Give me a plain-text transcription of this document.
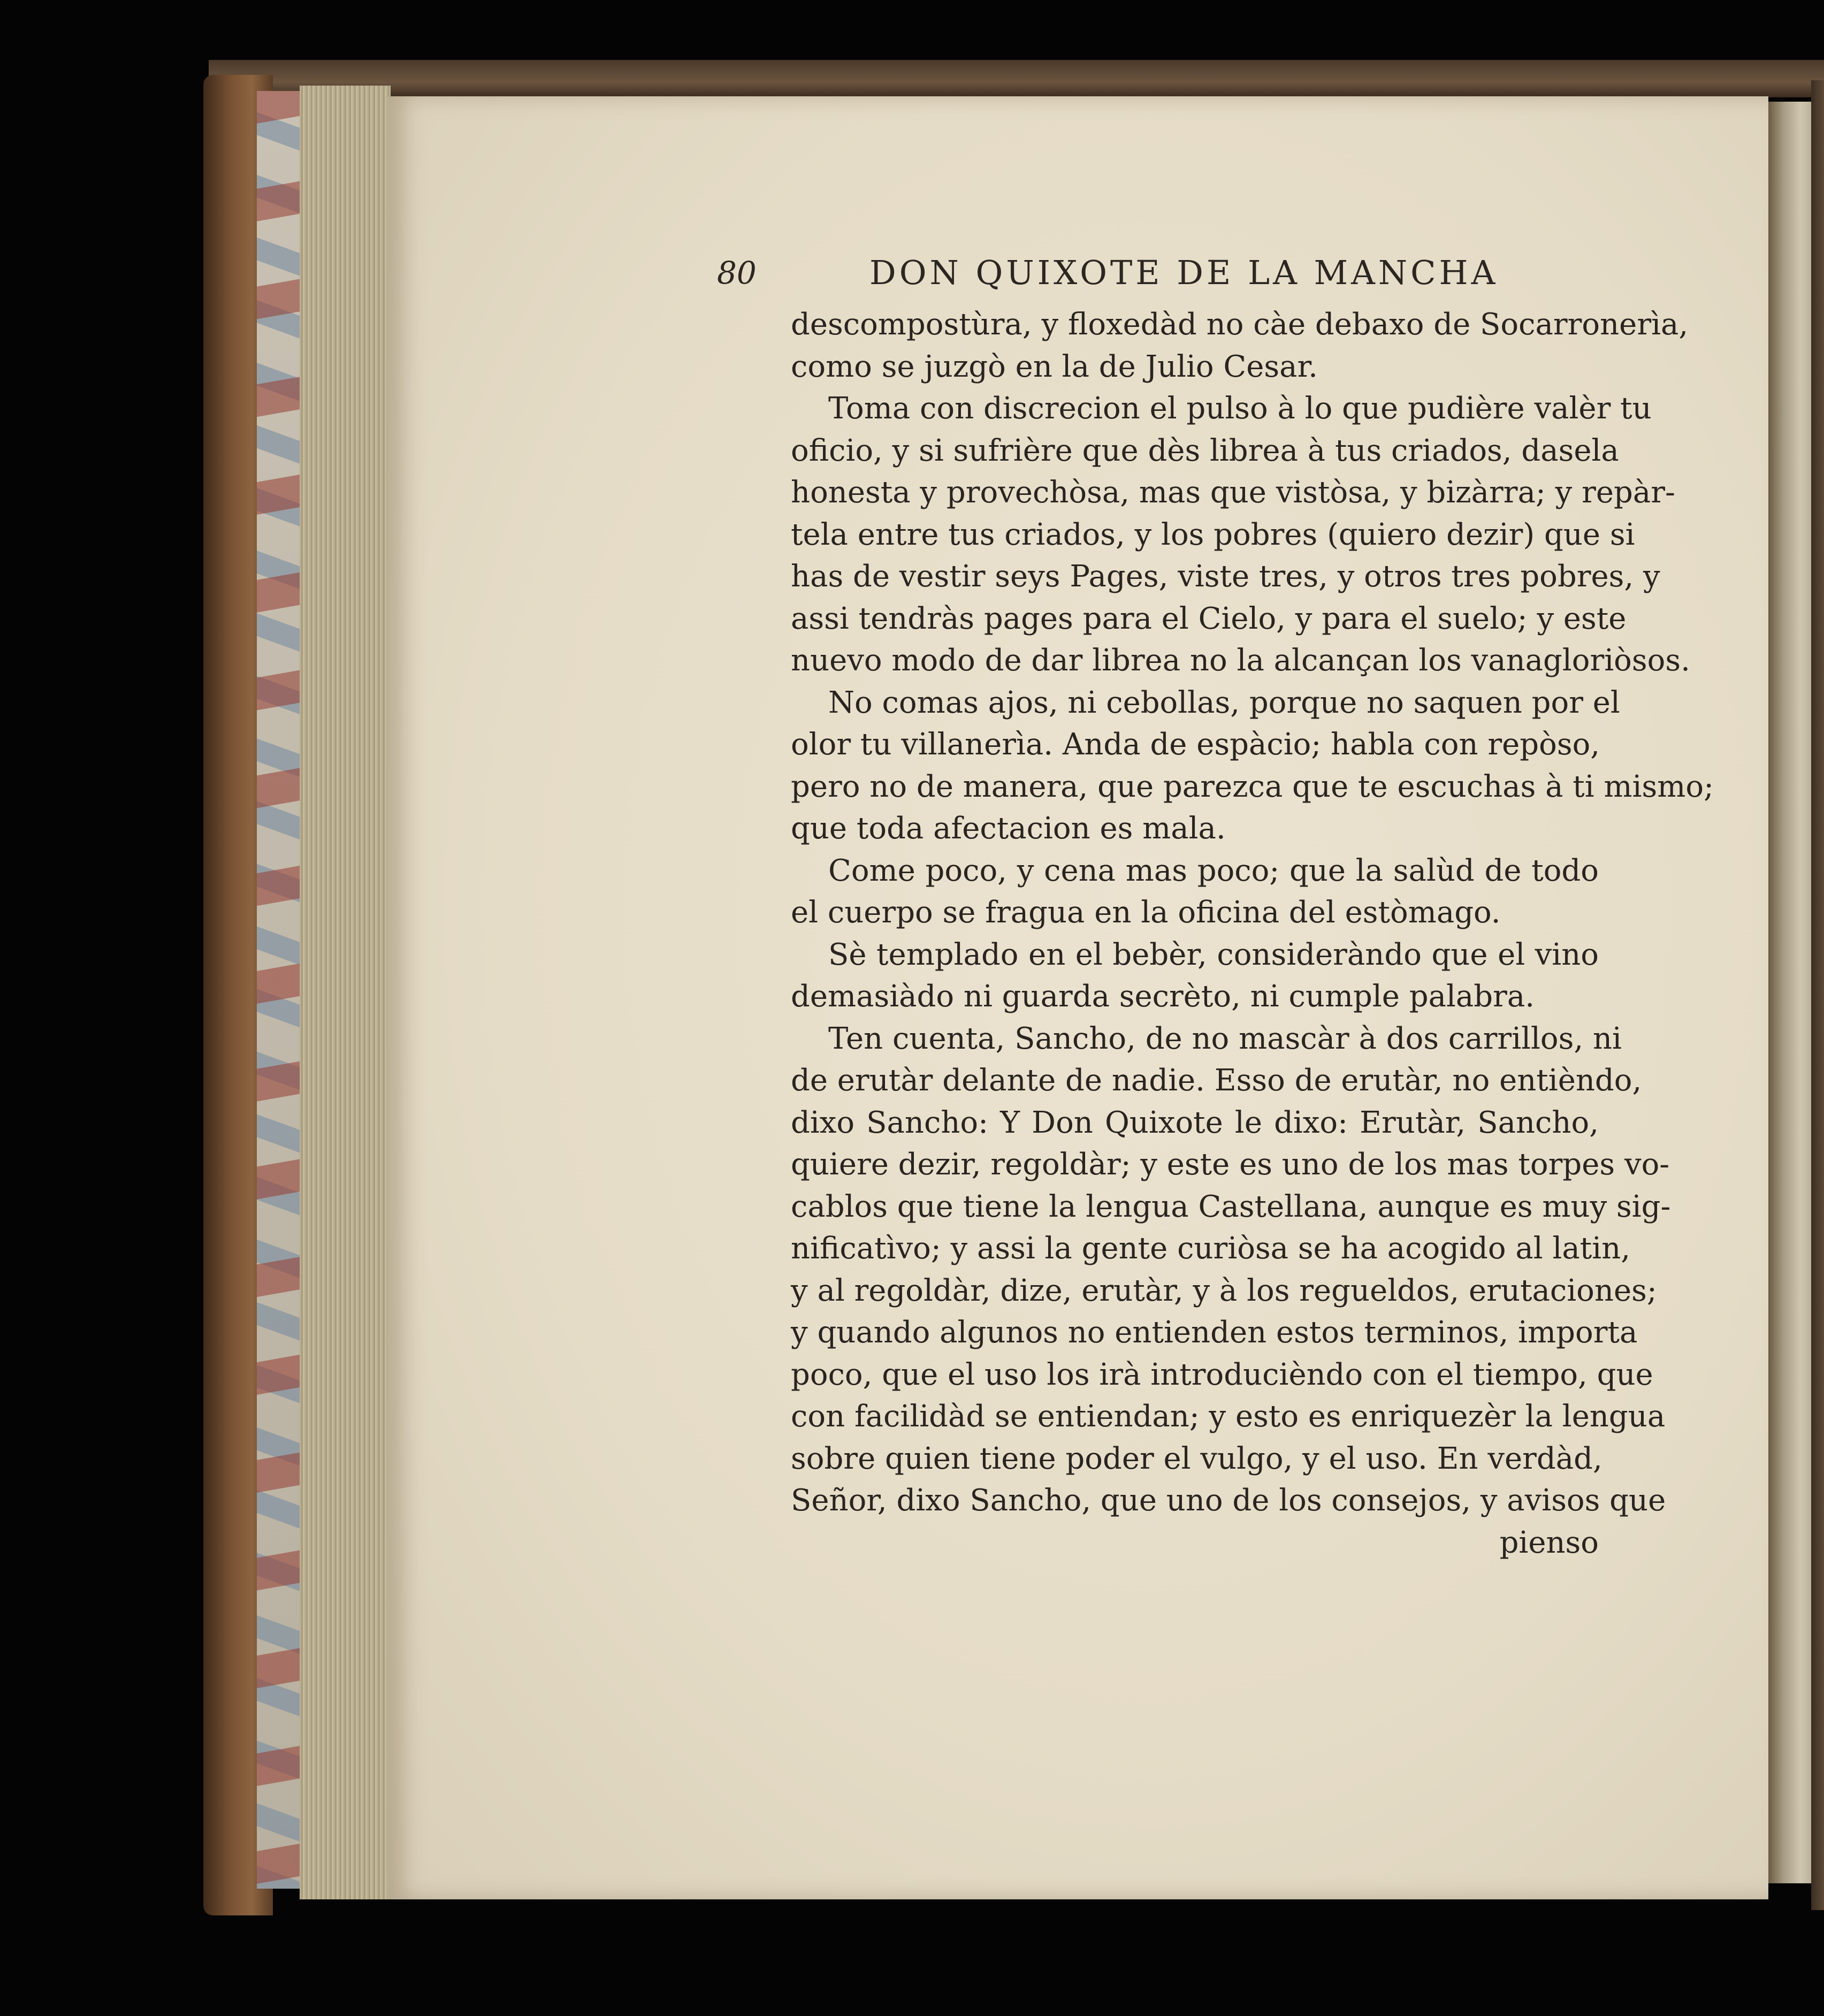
80	DON QUIXOTE DE LA MANCHA
descompostùra, y floxedàd no càe debaxo de Socarronerìa,
como se juzgò en la de Julio Cesar.
Toma con discrecion el pulso à lo que pudière valèr tu
oficio, y si sufrière que dès librea à tus criados, dasela
honesta y provechòsa, mas que vistòsa, y bizàrra; y repàr-
tela entre tus criados, y los pobres (quiero dezir) que si
has de vestir seys Pages, viste tres, y otros tres pobres, y
assi tendràs pages para el Cielo, y para el suelo; y este
nuevo modo de dar librea no la alcançan los vanagloriòsos.
No comas ajos, ni cebollas, porque no saquen por el
olor tu villanerìa. Anda de espàcio; habla con repòso,
pero no de manera, que parezca que te escuchas à ti mismo;
que toda afectacion es mala.
Come poco, y cena mas poco; que la salùd de todo
el cuerpo se fragua en la oficina del estòmago.
Sè templado en el bebèr, consideràndo que el vino
demasiàdo ni guarda secrèto, ni cumple palabra.
Ten cuenta, Sancho, de no mascàr à dos carrillos, ni
de erutàr delante de nadie. Esso de erutàr, no entièndo,
dixo Sancho: Y Don Quixote le dixo: Erutàr, Sancho,
quiere dezir, regoldàr; y este es uno de los mas torpes vo-
cablos que tiene la lengua Castellana, aunque es muy sig-
nificatìvo; y assi la gente curiòsa se ha acogido al latin,
y al regoldàr, dize, erutàr, y à los regueldos, erutaciones;
y quando algunos no entienden estos terminos, importa
poco, que el uso los irà introducièndo con el tiempo, que
con facilidàd se entiendan; y esto es enriquezèr la lengua
sobre quien tiene poder el vulgo, y el uso. En verdàd,
Señor, dixo Sancho, que uno de los consejos, y avisos que
pienso
